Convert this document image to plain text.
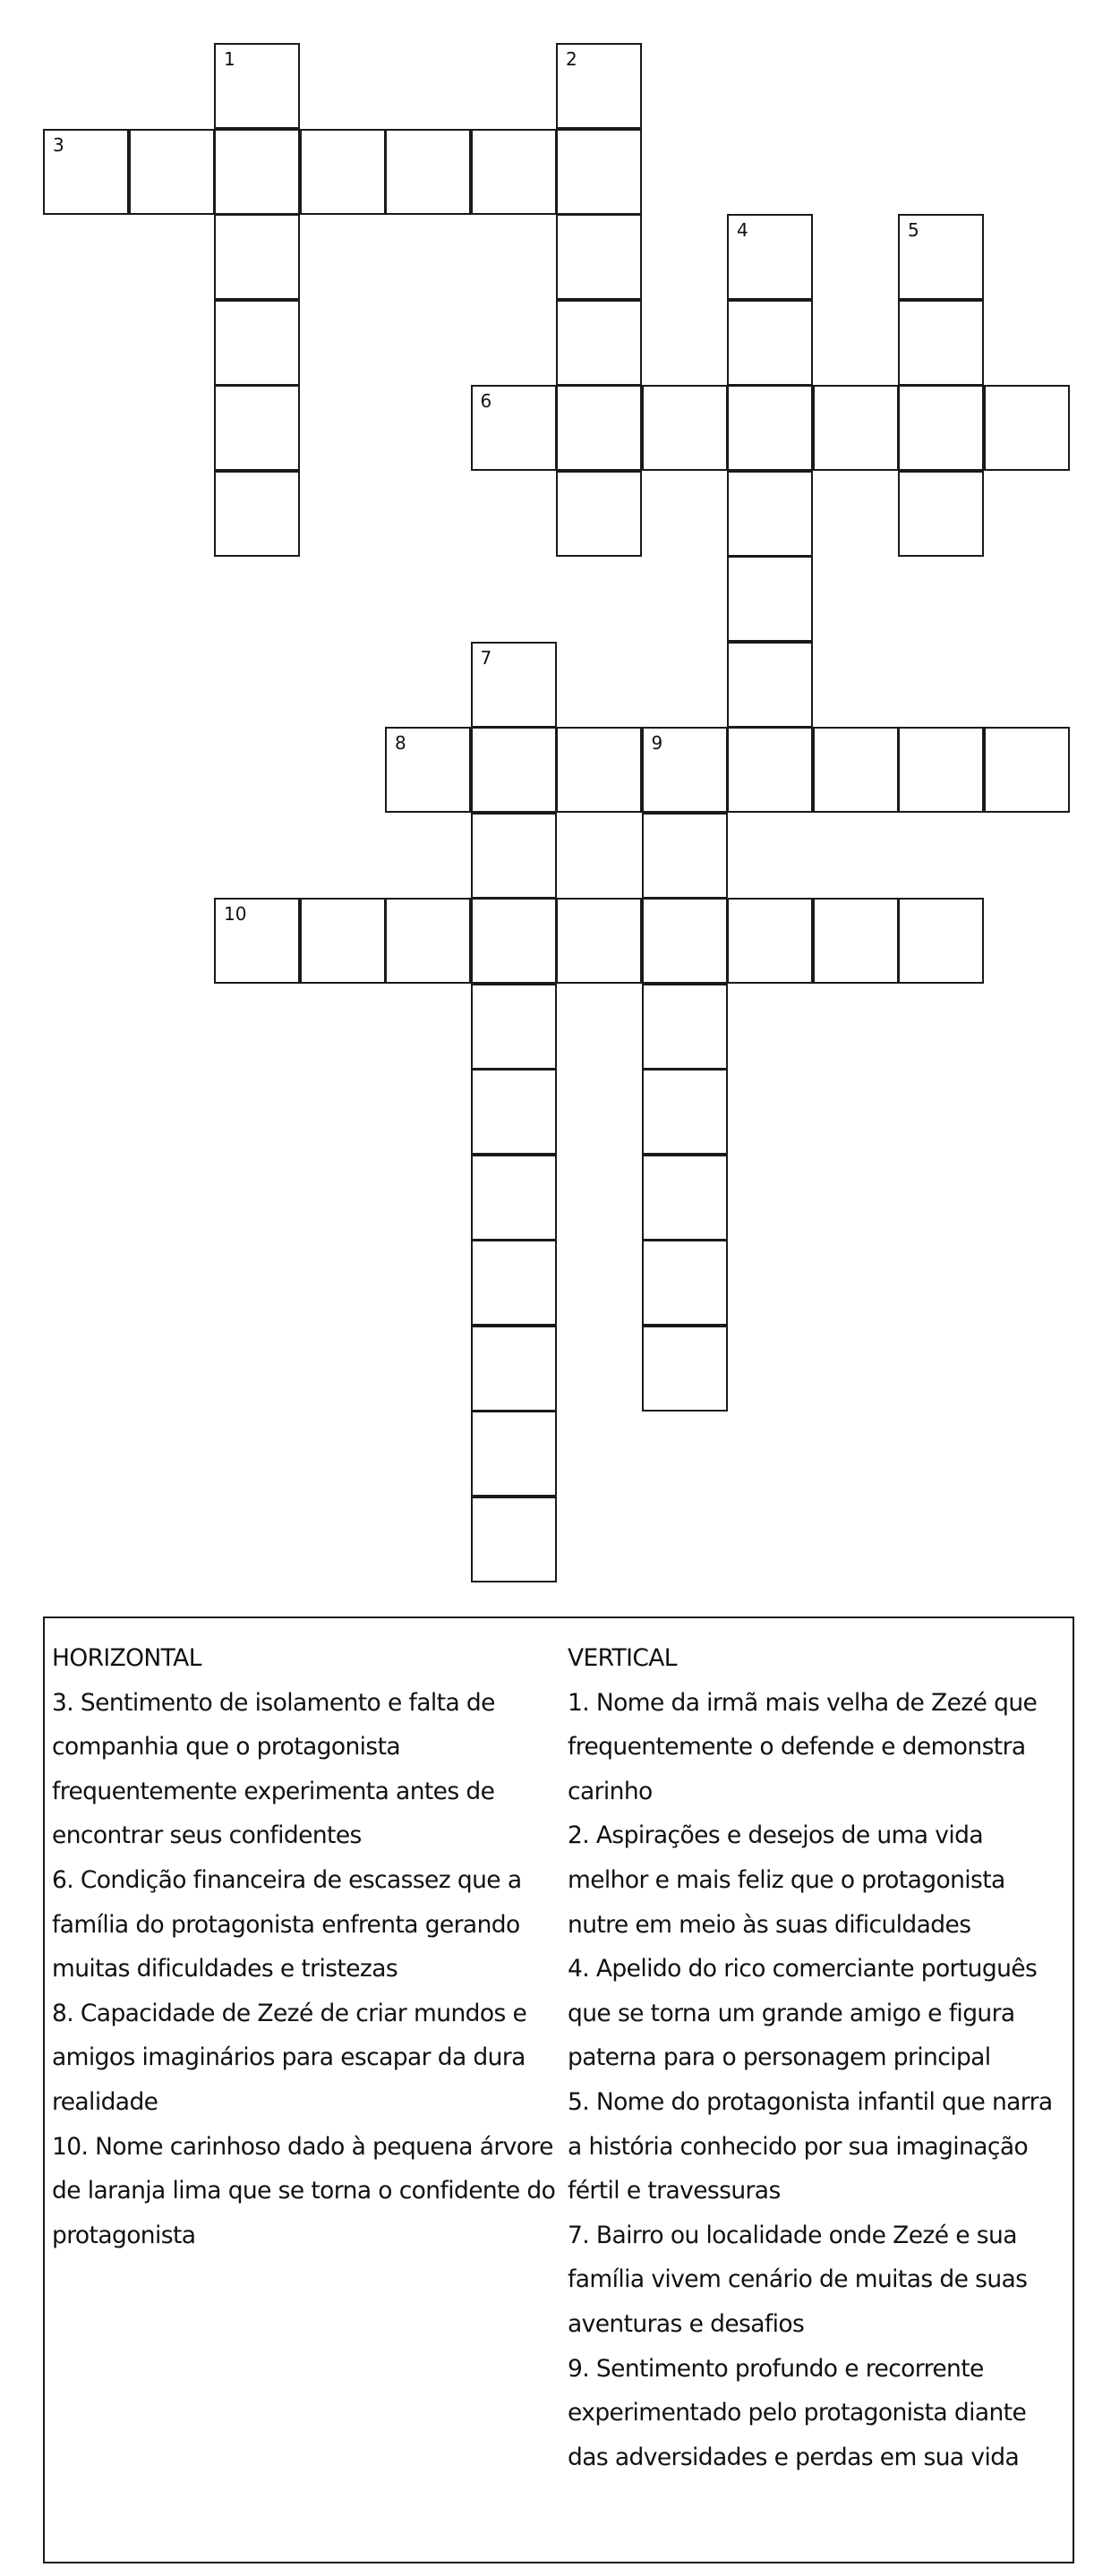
3
6
8	9
10
1	2
4	5
7

HORIZONTAL

3. Sentimento de isolamento e falta de companhia que o protagonista frequentemente experimenta antes de encontrar seus confidentes

6. Condição financeira de escassez que a família do protagonista enfrenta gerando muitas dificuldades e tristezas

8. Capacidade de Zezé de criar mundos e amigos imaginários para escapar da dura realidade

10. Nome carinhoso dado à pequena árvore de laranja lima que se torna o confidente do protagonista

VERTICAL

1. Nome da irmã mais velha de Zezé que frequentemente o defende e demonstra carinho

2. Aspirações e desejos de uma vida melhor e mais feliz que o protagonista nutre em meio às suas dificuldades

4. Apelido do rico comerciante português que se torna um grande amigo e figura paterna para o personagem principal

5. Nome do protagonista infantil que narra a história conhecido por sua imaginação fértil e travessuras

7. Bairro ou localidade onde Zezé e sua família vivem cenário de muitas de suas aventuras e desafios

9. Sentimento profundo e recorrente experimentado pelo protagonista diante das adversidades e perdas em sua vida
